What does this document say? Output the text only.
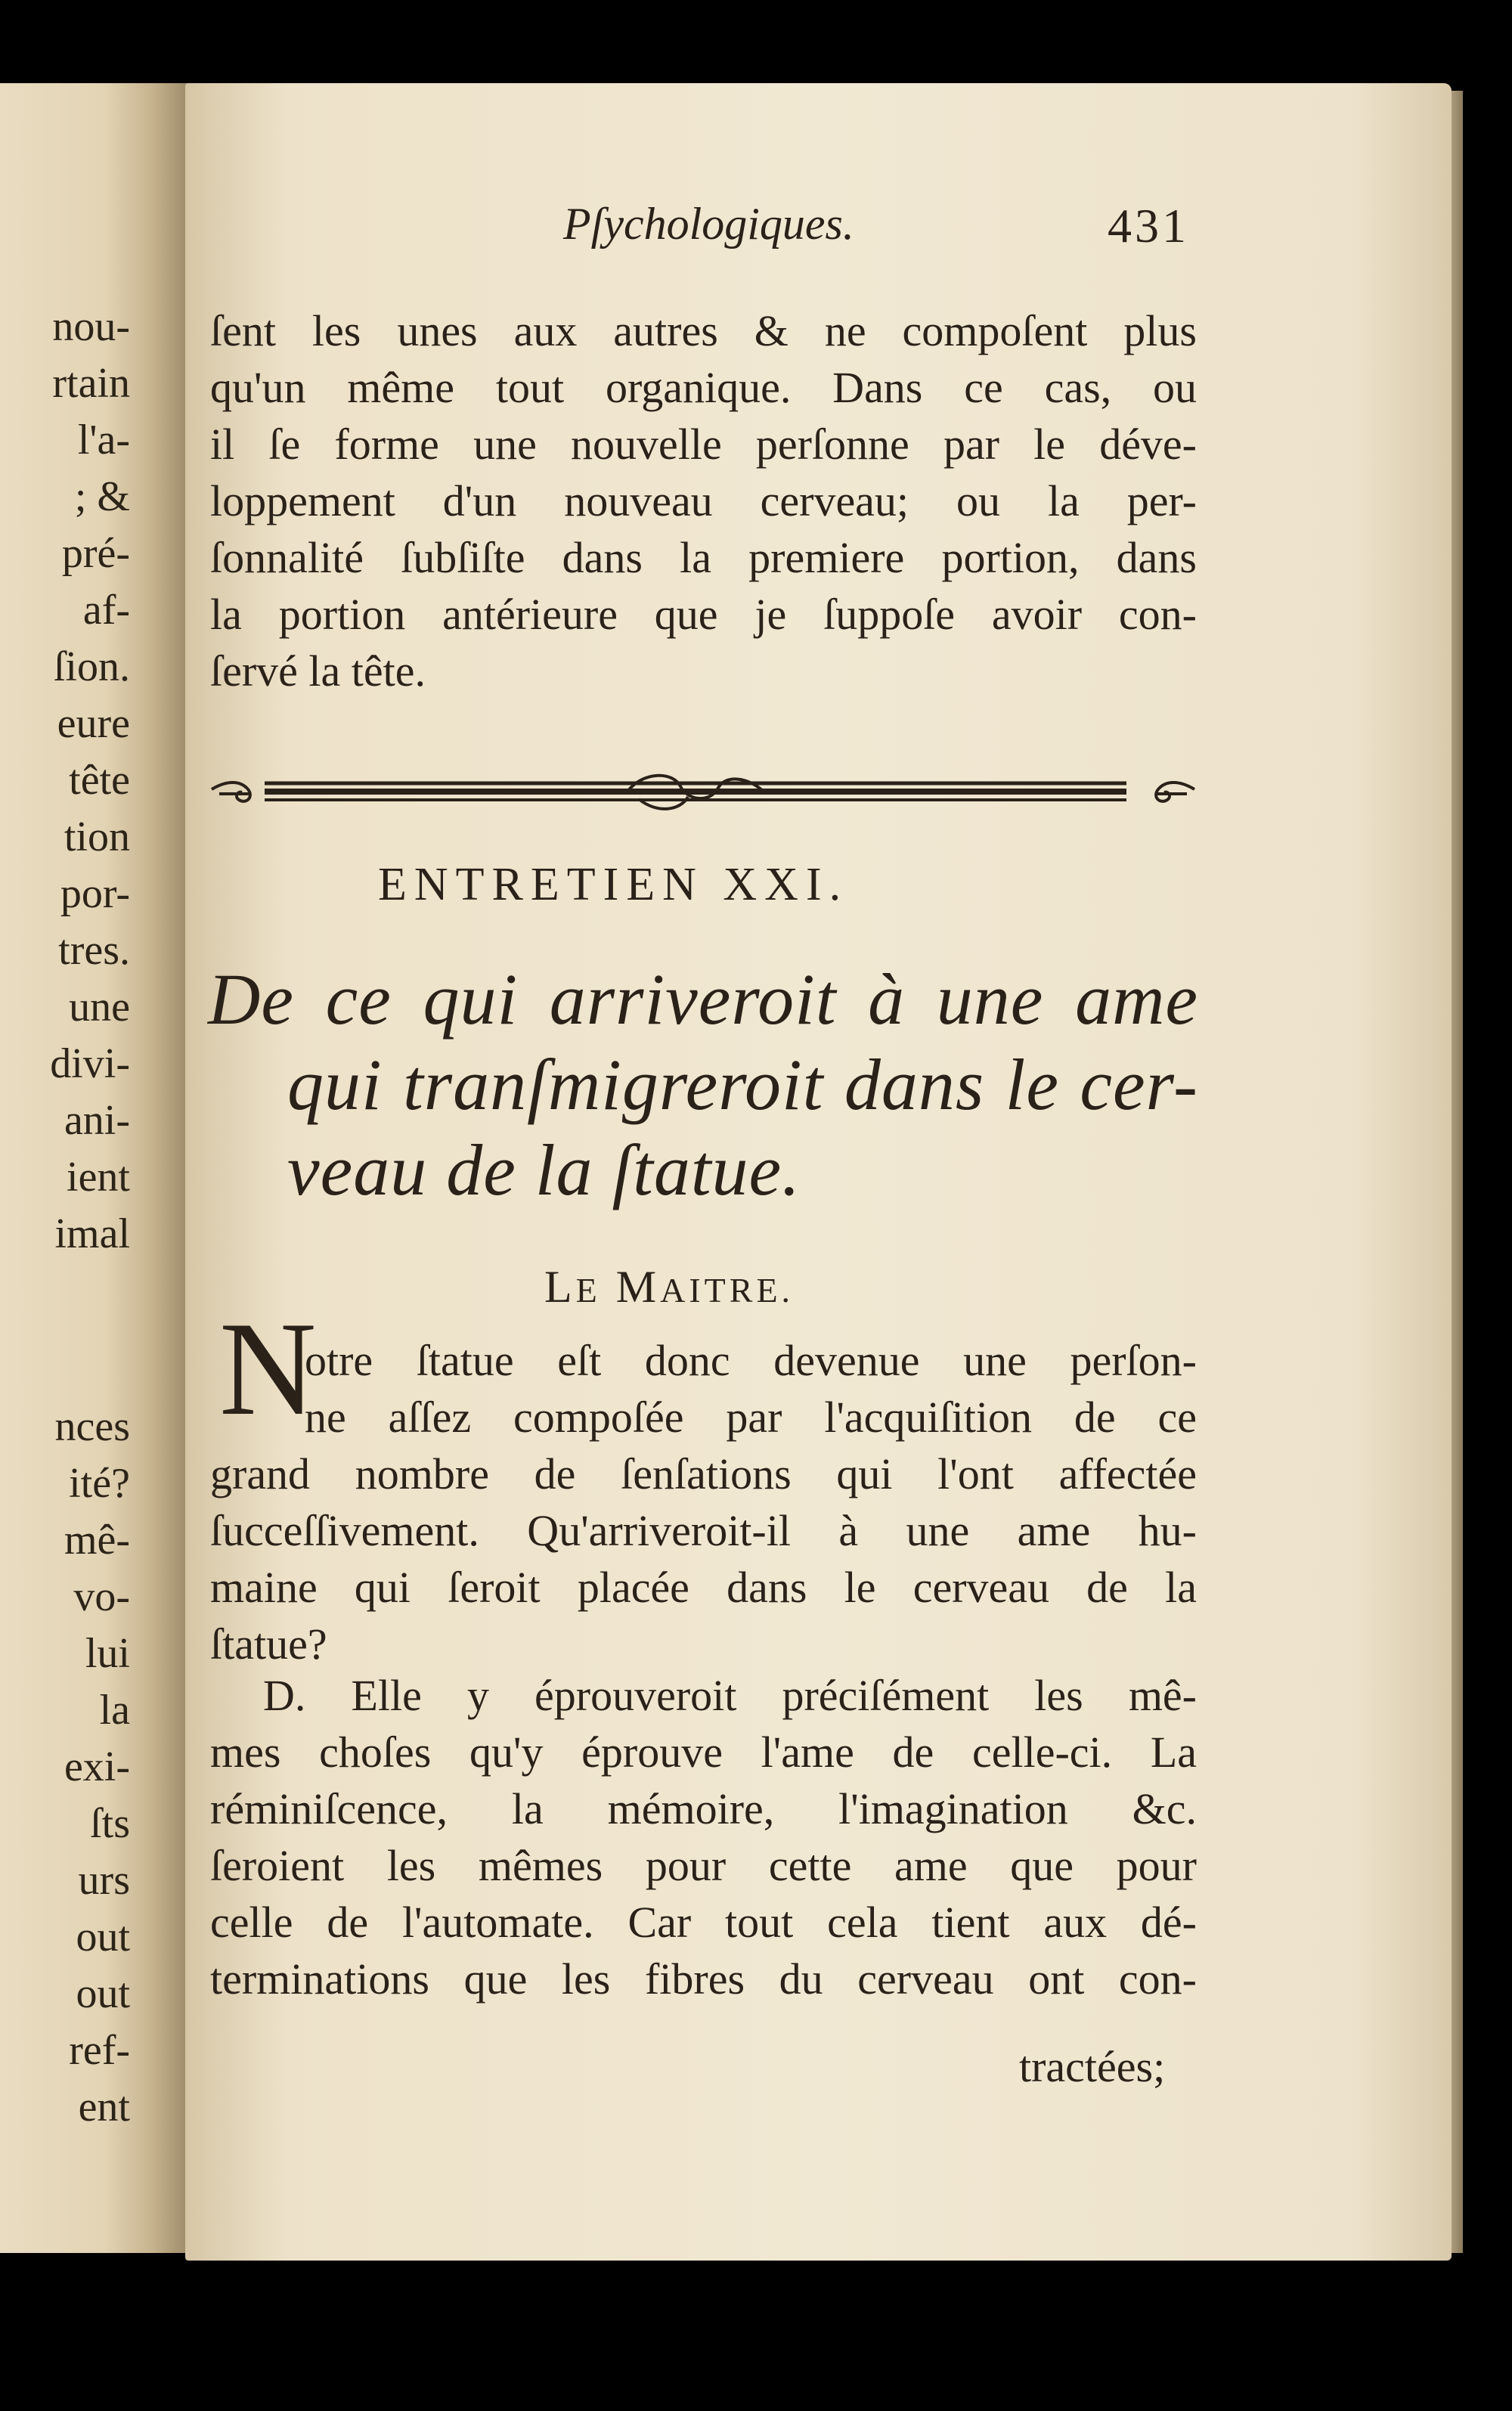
nou-
rtain
l'a-
; &
pré-
af-
ſion.
eure
tête
tion
por-
tres.
une
divi-
ani-
ient
imal
nces
ité?
mê-
vo-
lui
la
exi-
ſts
urs
out
out
ref-
ent
Pſychologiques.	431
ſent les unes aux autres & ne compoſent plus
qu'un même tout organique. Dans ce cas, ou
il ſe forme une nouvelle perſonne par le déve-
loppement d'un nouveau cerveau; ou la per-
ſonnalité ſubſiſte dans la premiere portion, dans
la portion antérieure que je ſuppoſe avoir con-
ſervé la tête.
ENTRETIEN XXI.
De ce qui arriveroit à une ame
qui tranſmigreroit dans le cer-
veau de la ſtatue.
LE MAITRE.
N
otre ſtatue eſt donc devenue une perſon-
ne aſſez compoſée par l'acquiſition de ce
grand nombre de ſenſations qui l'ont affectée
ſucceſſivement. Qu'arriveroit-il à une ame hu-
maine qui ſeroit placée dans le cerveau de la
ſtatue?
D. Elle y éprouveroit préciſément les mê-
mes choſes qu'y éprouve l'ame de celle-ci. La
réminiſcence, la mémoire, l'imagination &c.
ſeroient les mêmes pour cette ame que pour
celle de l'automate. Car tout cela tient aux dé-
terminations que les fibres du cerveau ont con-
tractées;
